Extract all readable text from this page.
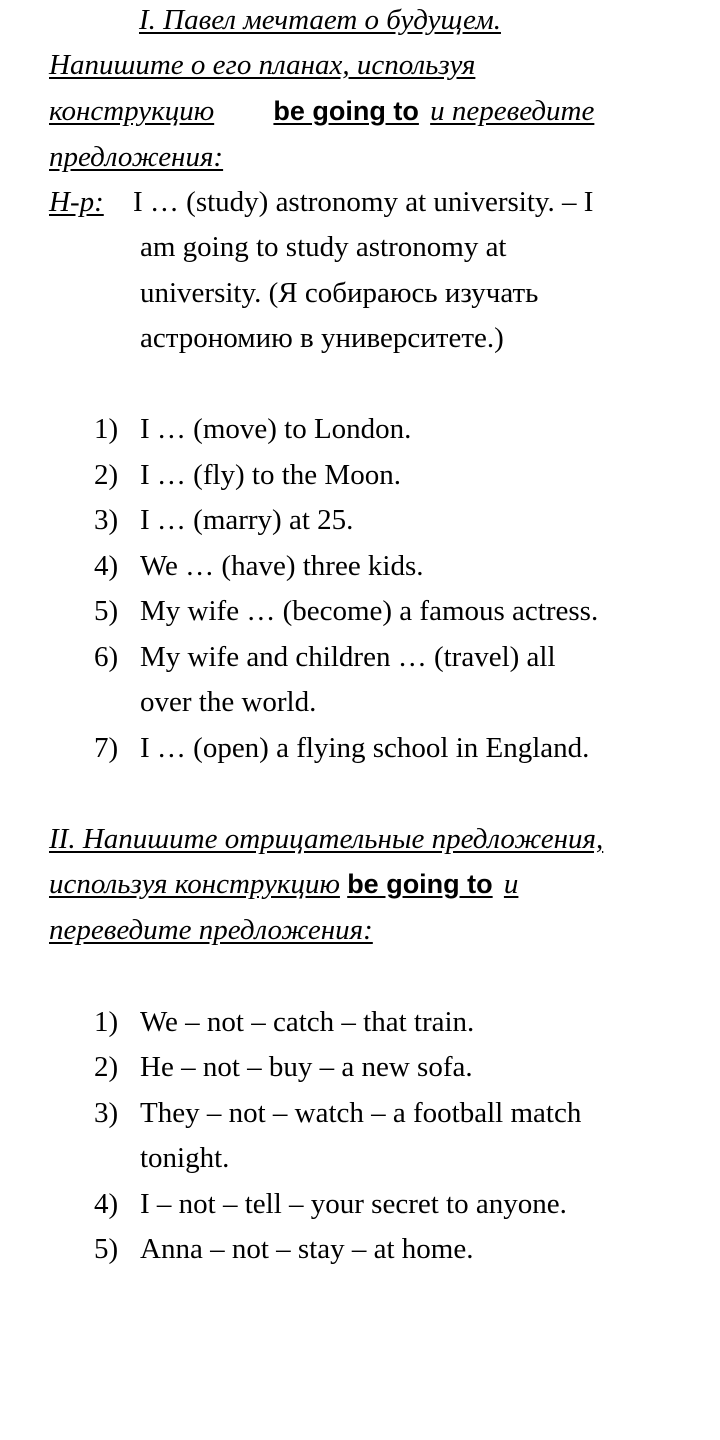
I. Павел мечтает о будущем.
Напишите о его планах, используя
конструкцию be going to и переведите
предложения:
Н-р: I … (study) astronomy at university. – I
am going to study astronomy at
university. (Я собираюсь изучать
астрономию в университете.)
1) I … (move) to London.
2) I … (fly) to the Moon.
3) I … (marry) at 25.
4) We … (have) three kids.
5) My wife … (become) a famous actress.
6) My wife and children … (travel) all
over the world.
7) I … (open) a flying school in England.
II. Напишите отрицательные предложения,
используя конструкцию be going to и
переведите предложения:
1) We – not – catch – that train.
2) He – not – buy – a new sofa.
3) They – not – watch – a football match
tonight.
4) I – not – tell – your secret to anyone.
5) Anna – not – stay – at home.
